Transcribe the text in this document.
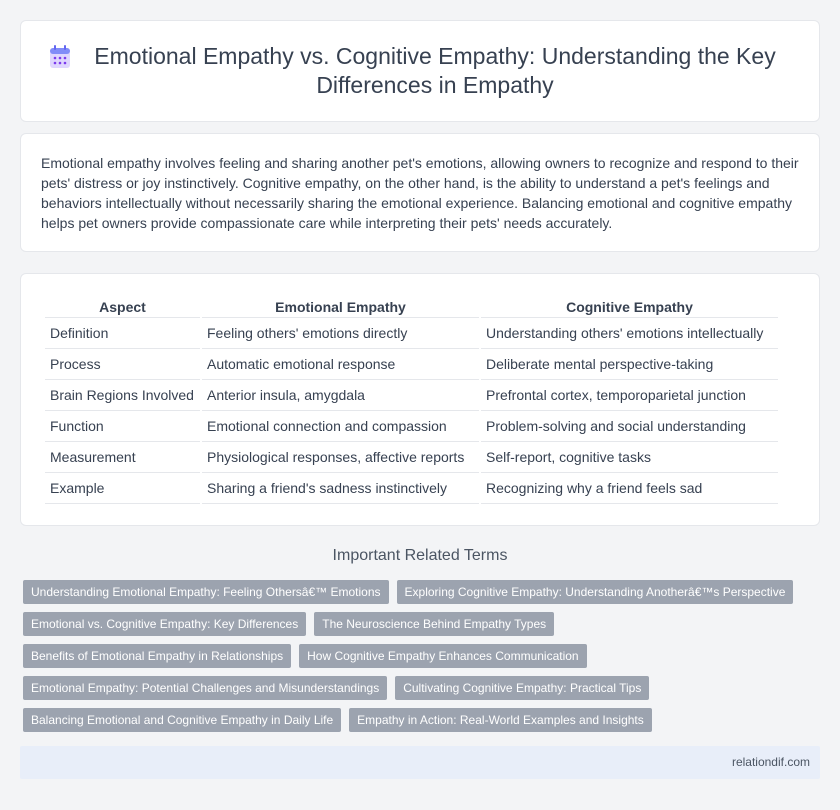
Emotional Empathy vs. Cognitive Empathy: Understanding the Key Differences in Empathy

Emotional empathy involves feeling and sharing another pet's emotions, allowing owners to recognize and respond to their pets' distress or joy instinctively. Cognitive empathy, on the other hand, is the ability to understand a pet's feelings and behaviors intellectually without necessarily sharing the emotional experience. Balancing emotional and cognitive empathy helps pet owners provide compassionate care while interpreting their pets' needs accurately.

Aspect	Emotional Empathy	Cognitive Empathy
Definition	Feeling others' emotions directly	Understanding others' emotions intellectually
Process	Automatic emotional response	Deliberate mental perspective-taking
Brain Regions Involved	Anterior insula, amygdala	Prefrontal cortex, temporoparietal junction
Function	Emotional connection and compassion	Problem-solving and social understanding
Measurement	Physiological responses, affective reports	Self-report, cognitive tasks
Example	Sharing a friend's sadness instinctively	Recognizing why a friend feels sad
Important Related Terms
Understanding Emotional Empathy: Feeling Othersâ€™ Emotions	Exploring Cognitive Empathy: Understanding Anotherâ€™s Perspective
Emotional vs. Cognitive Empathy: Key Differences	The Neuroscience Behind Empathy Types
Benefits of Emotional Empathy in Relationships	How Cognitive Empathy Enhances Communication
Emotional Empathy: Potential Challenges and Misunderstandings	Cultivating Cognitive Empathy: Practical Tips
Balancing Emotional and Cognitive Empathy in Daily Life	Empathy in Action: Real-World Examples and Insights
relationdif.com
